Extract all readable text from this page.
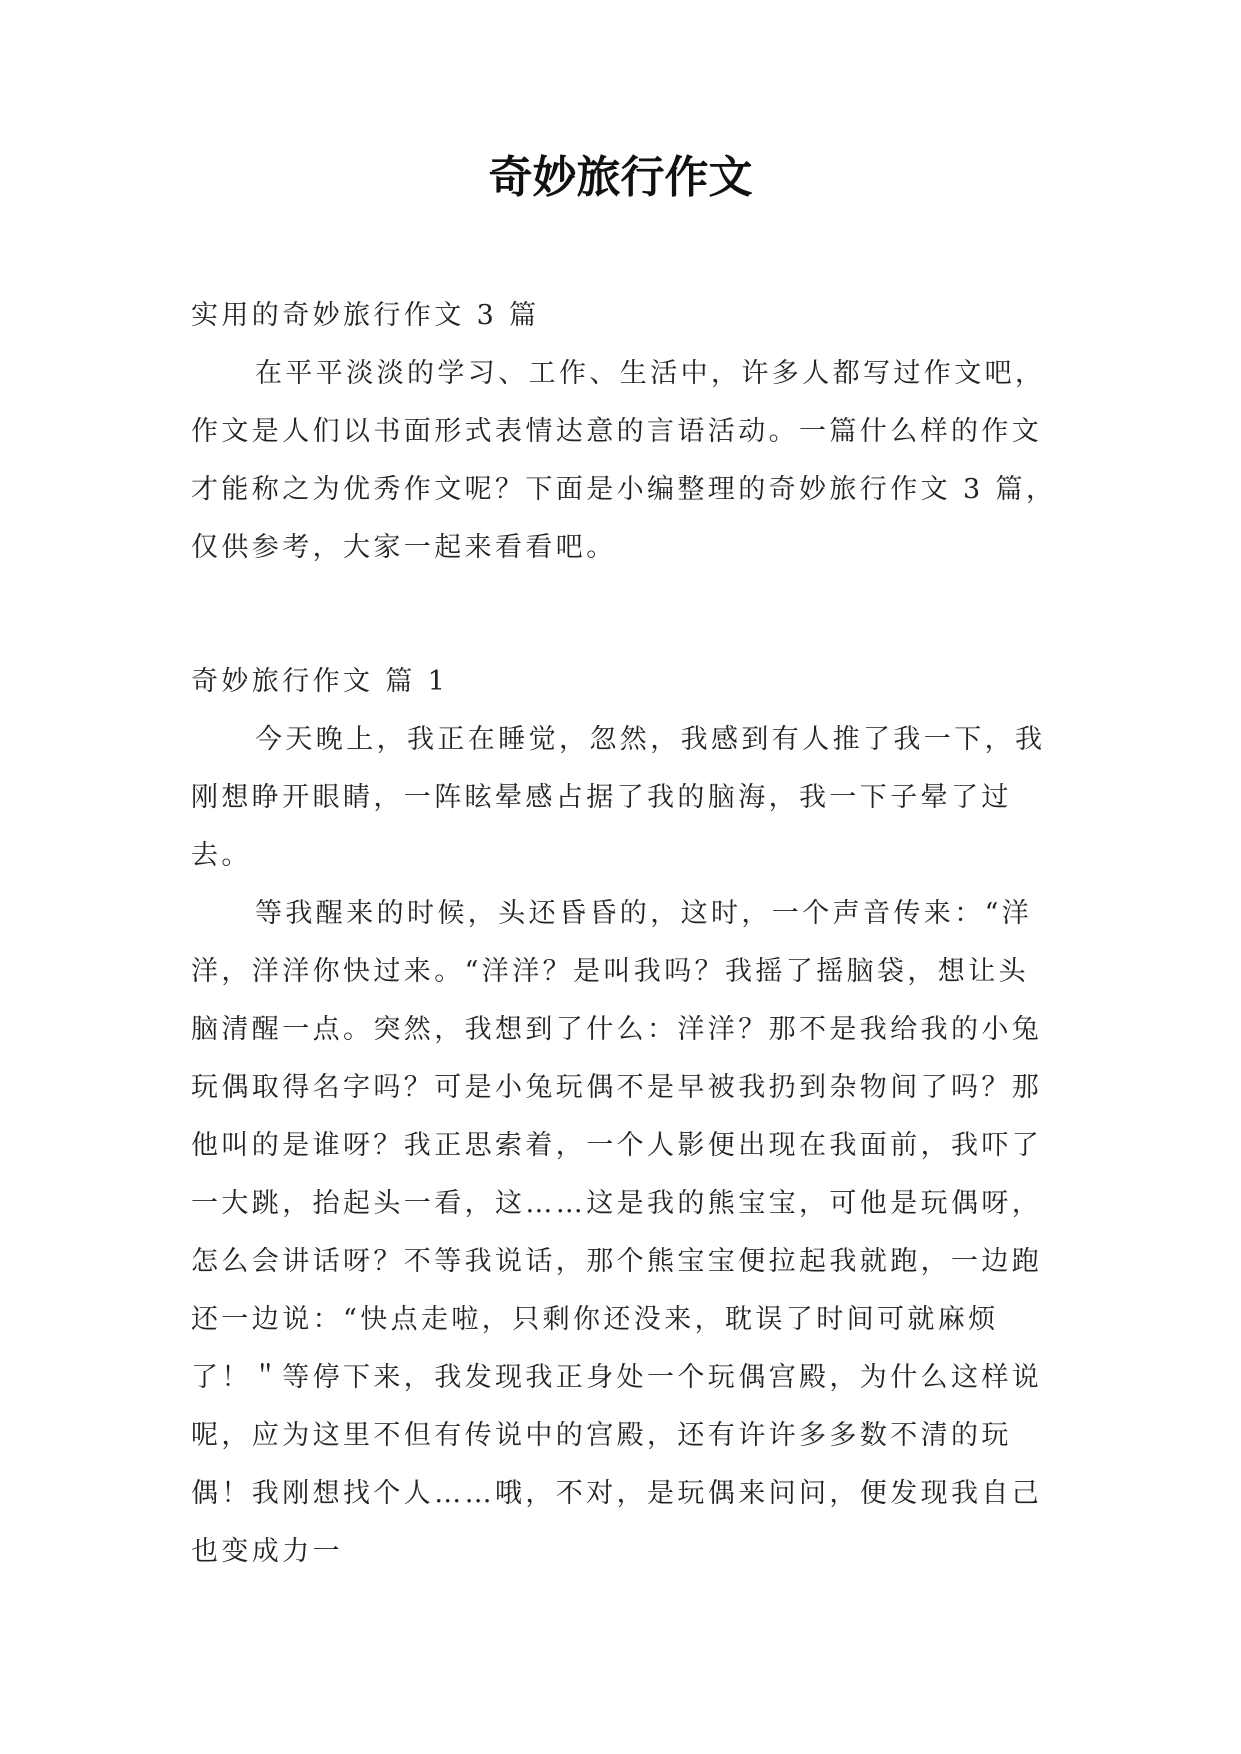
奇妙旅行作文

实用的奇妙旅行作文 3 篇

在平平淡淡的学习、工作、生活中，许多人都写过作文吧，作文是人们以书面形式表情达意的言语活动。一篇什么样的作文才能称之为优秀作文呢？下面是小编整理的奇妙旅行作文 3 篇，仅供参考，大家一起来看看吧。

奇妙旅行作文 篇 1

今天晚上，我正在睡觉，忽然，我感到有人推了我一下，我刚想睁开眼睛，一阵眩晕感占据了我的脑海，我一下子晕了过去。

等我醒来的时候，头还昏昏的，这时，一个声音传来：“洋洋，洋洋你快过来。“洋洋？是叫我吗？我摇了摇脑袋，想让头脑清醒一点。突然，我想到了什么：洋洋？那不是我给我的小兔玩偶取得名字吗？可是小兔玩偶不是早被我扔到杂物间了吗？那他叫的是谁呀？我正思索着，一个人影便出现在我面前，我吓了一大跳，抬起头一看，这……这是我的熊宝宝，可他是玩偶呀，怎么会讲话呀？不等我说话，那个熊宝宝便拉起我就跑，一边跑还一边说：“快点走啦，只剩你还没来，耽误了时间可就麻烦了！＂等停下来，我发现我正身处一个玩偶宫殿，为什么这样说呢，应为这里不但有传说中的宫殿，还有许许多多数不清的玩偶！我刚想找个人……哦，不对，是玩偶来问问，便发现我自己也变成力一
